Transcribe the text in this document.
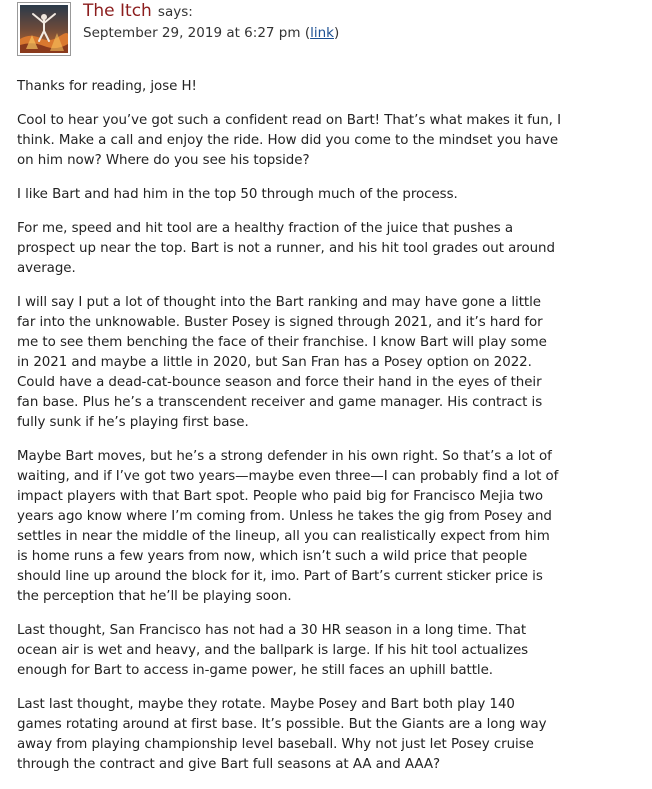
The Itch says:
September 29, 2019 at 6:27 pm (link)

Thanks for reading, jose H!

Cool to hear you’ve got such a confident read on Bart! That’s what makes it fun, I think. Make a call and enjoy the ride. How did you come to the mindset you have on him now? Where do you see his topside?

I like Bart and had him in the top 50 through much of the process.

For me, speed and hit tool are a healthy fraction of the juice that pushes a prospect up near the top. Bart is not a runner, and his hit tool grades out around average.

I will say I put a lot of thought into the Bart ranking and may have gone a little far into the unknowable. Buster Posey is signed through 2021, and it’s hard for me to see them benching the face of their franchise. I know Bart will play some in 2021 and maybe a little in 2020, but San Fran has a Posey option on 2022. Could have a dead-cat-bounce season and force their hand in the eyes of their fan base. Plus he’s a transcendent receiver and game manager. His contract is fully sunk if he’s playing first base.

Maybe Bart moves, but he’s a strong defender in his own right. So that’s a lot of waiting, and if I’ve got two years—maybe even three—I can probably find a lot of impact players with that Bart spot. People who paid big for Francisco Mejia two years ago know where I’m coming from. Unless he takes the gig from Posey and settles in near the middle of the lineup, all you can realistically expect from him is home runs a few years from now, which isn’t such a wild price that people should line up around the block for it, imo. Part of Bart’s current sticker price is the perception that he’ll be playing soon.

Last thought, San Francisco has not had a 30 HR season in a long time. That ocean air is wet and heavy, and the ballpark is large. If his hit tool actualizes enough for Bart to access in-game power, he still faces an uphill battle.

Last last thought, maybe they rotate. Maybe Posey and Bart both play 140 games rotating around at first base. It’s possible. But the Giants are a long way away from playing championship level baseball. Why not just let Posey cruise through the contract and give Bart full seasons at AA and AAA?
